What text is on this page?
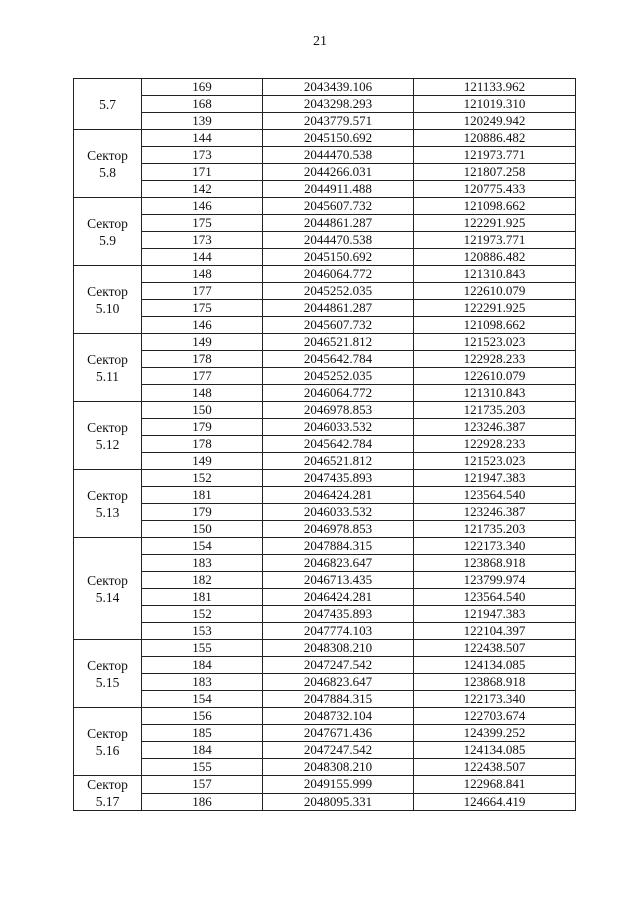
21
5.7	169	2043439.106	121133.962
	168	2043298.293	121019.310
	139	2043779.571	120249.942

Сектор
5.8	144	2045150.692	120886.482
	173	2044470.538	121973.771
	171	2044266.031	121807.258
	142	2044911.488	120775.433

Сектор
5.9	146	2045607.732	121098.662
	175	2044861.287	122291.925
	173	2044470.538	121973.771
	144	2045150.692	120886.482

Сектор
5.10	148	2046064.772	121310.843
	177	2045252.035	122610.079
	175	2044861.287	122291.925
	146	2045607.732	121098.662

Сектор
5.11	149	2046521.812	121523.023
	178	2045642.784	122928.233
	177	2045252.035	122610.079
	148	2046064.772	121310.843

Сектор
5.12	150	2046978.853	121735.203
	179	2046033.532	123246.387
	178	2045642.784	122928.233
	149	2046521.812	121523.023

Сектор
5.13	152	2047435.893	121947.383
	181	2046424.281	123564.540
	179	2046033.532	123246.387
	150	2046978.853	121735.203

Сектор
5.14	154	2047884.315	122173.340
	183	2046823.647	123868.918
	182	2046713.435	123799.974
	181	2046424.281	123564.540
	152	2047435.893	121947.383
	153	2047774.103	122104.397

Сектор
5.15	155	2048308.210	122438.507
	184	2047247.542	124134.085
	183	2046823.647	123868.918
	154	2047884.315	122173.340

Сектор
5.16	156	2048732.104	122703.674
	185	2047671.436	124399.252
	184	2047247.542	124134.085
	155	2048308.210	122438.507

Сектор
5.17	157	2049155.999	122968.841
	186	2048095.331	124664.419
